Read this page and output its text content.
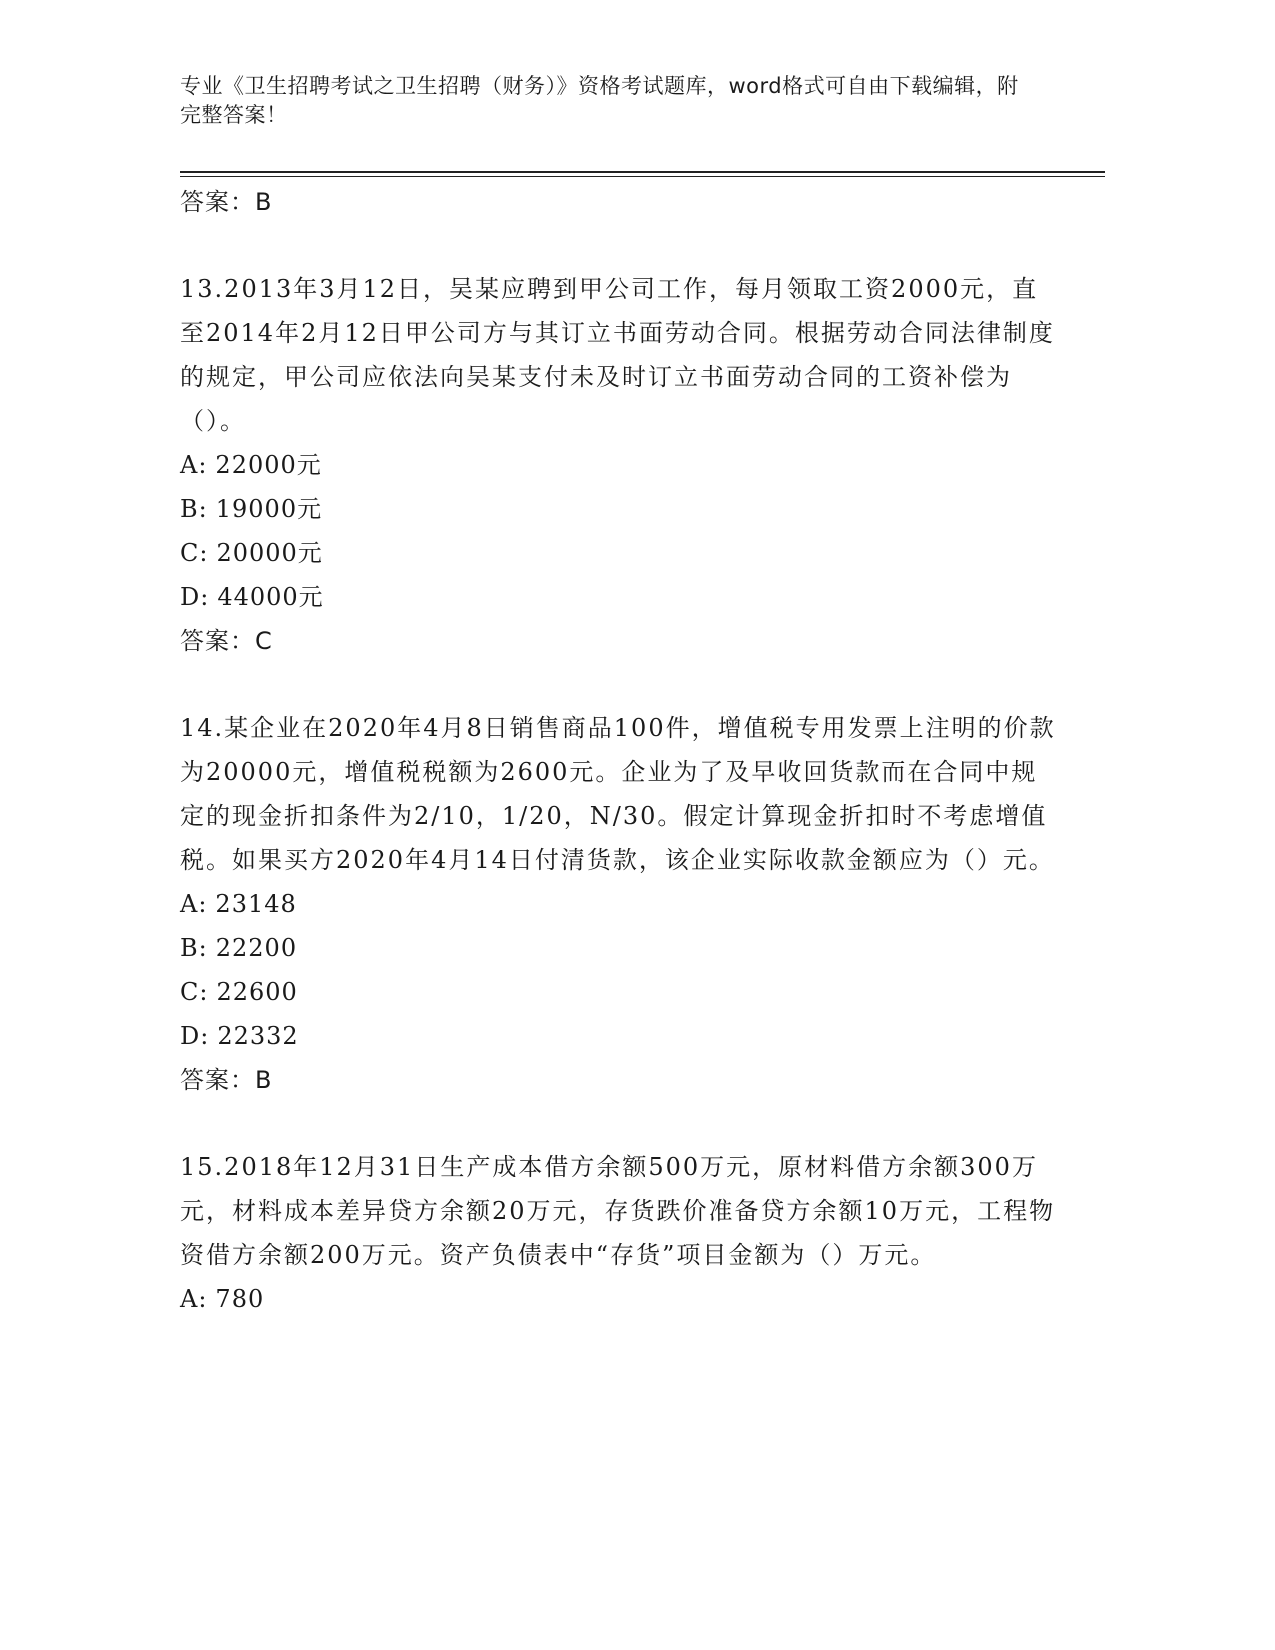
专业《卫生招聘考试之卫生招聘（财务）》资格考试题库，word格式可自由下载编辑，附完整答案！

答案：B

13.2013年3月12日，吴某应聘到甲公司工作，每月领取工资2000元，直至2014年2月12日甲公司方与其订立书面劳动合同。根据劳动合同法律制度的规定，甲公司应依法向吴某支付未及时订立书面劳动合同的工资补偿为（）。

A: 22000元

B: 19000元

C: 20000元

D: 44000元

答案：C

14.某企业在2020年4月8日销售商品100件，增值税专用发票上注明的价款为20000元，增值税税额为2600元。企业为了及早收回货款而在合同中规定的现金折扣条件为2/10，1/20，N/30。假定计算现金折扣时不考虑增值税。如果买方2020年4月14日付清货款，该企业实际收款金额应为（）元。

A: 23148

B: 22200

C: 22600

D: 22332

答案：B

15.2018年12月31日生产成本借方余额500万元，原材料借方余额300万元，材料成本差异贷方余额20万元，存货跌价准备贷方余额10万元，工程物资借方余额200万元。资产负债表中“存货”项目金额为（）万元。

A: 780
